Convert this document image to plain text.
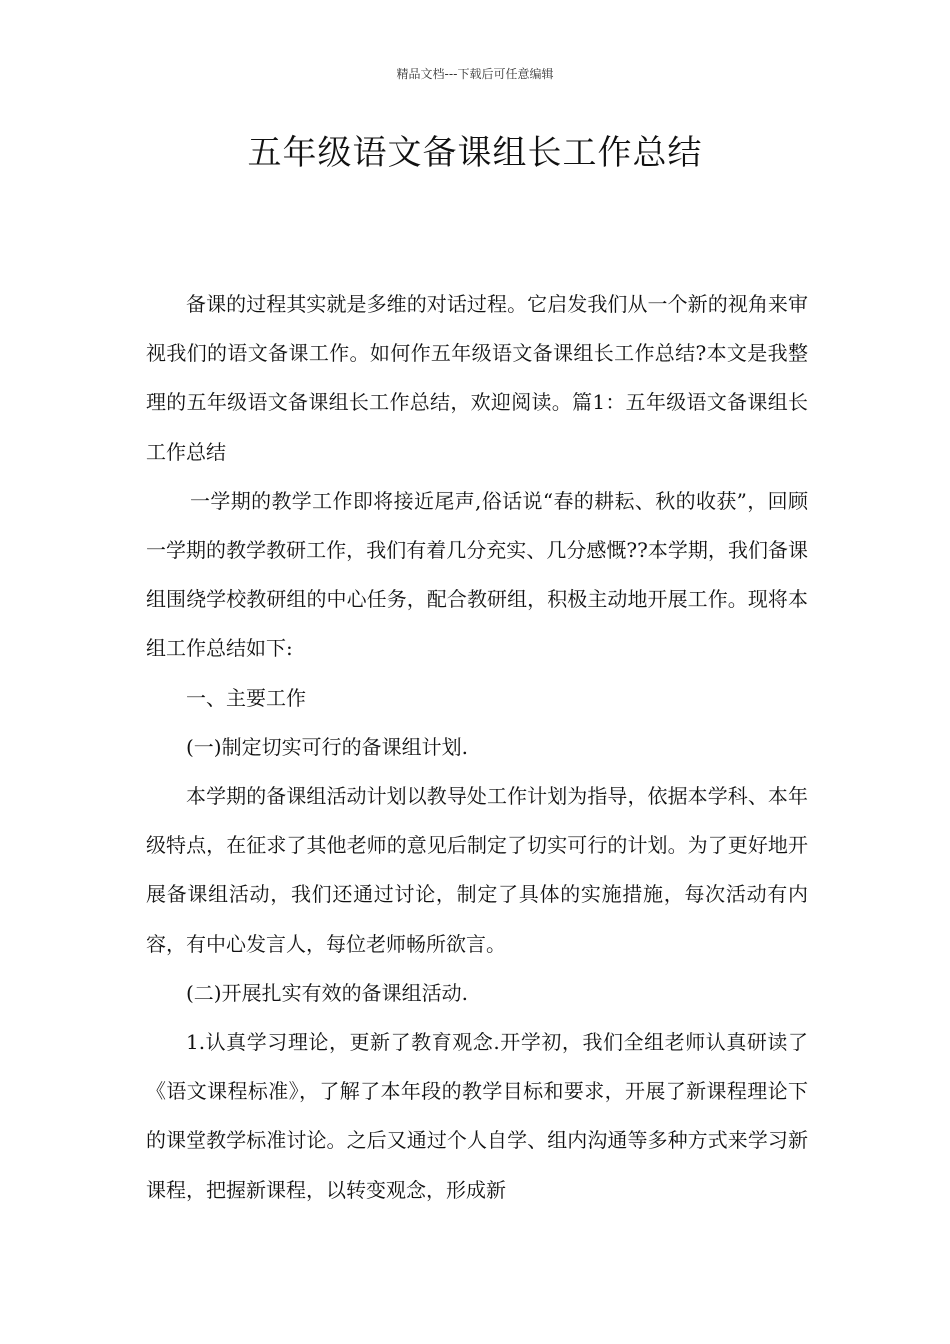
精品文档---下载后可任意编辑
五年级语文备课组长工作总结

备课的过程其实就是多维的对话过程。它启发我们从一个新的视角来审视我们的语文备课工作。如何作五年级语文备课组长工作总结?本文是我整理的五年级语文备课组长工作总结，欢迎阅读。篇1：五年级语文备课组长工作总结

一学期的教学工作即将接近尾声,俗话说“春的耕耘、秋的收获”，回顾一学期的教学教研工作，我们有着几分充实、几分感慨??本学期，我们备课组围绕学校教研组的中心任务，配合教研组，积极主动地开展工作。现将本组工作总结如下:

一、主要工作

(一)制定切实可行的备课组计划.

本学期的备课组活动计划以教导处工作计划为指导，依据本学科、本年级特点，在征求了其他老师的意见后制定了切实可行的计划。为了更好地开展备课组活动，我们还通过讨论，制定了具体的实施措施，每次活动有内容，有中心发言人，每位老师畅所欲言。

(二)开展扎实有效的备课组活动.

1.认真学习理论，更新了教育观念.开学初，我们全组老师认真研读了《语文课程标准》，了解了本年段的教学目标和要求，开展了新课程理论下的课堂教学标准讨论。之后又通过个人自学、组内沟通等多种方式来学习新课程，把握新课程，以转变观念，形成新
